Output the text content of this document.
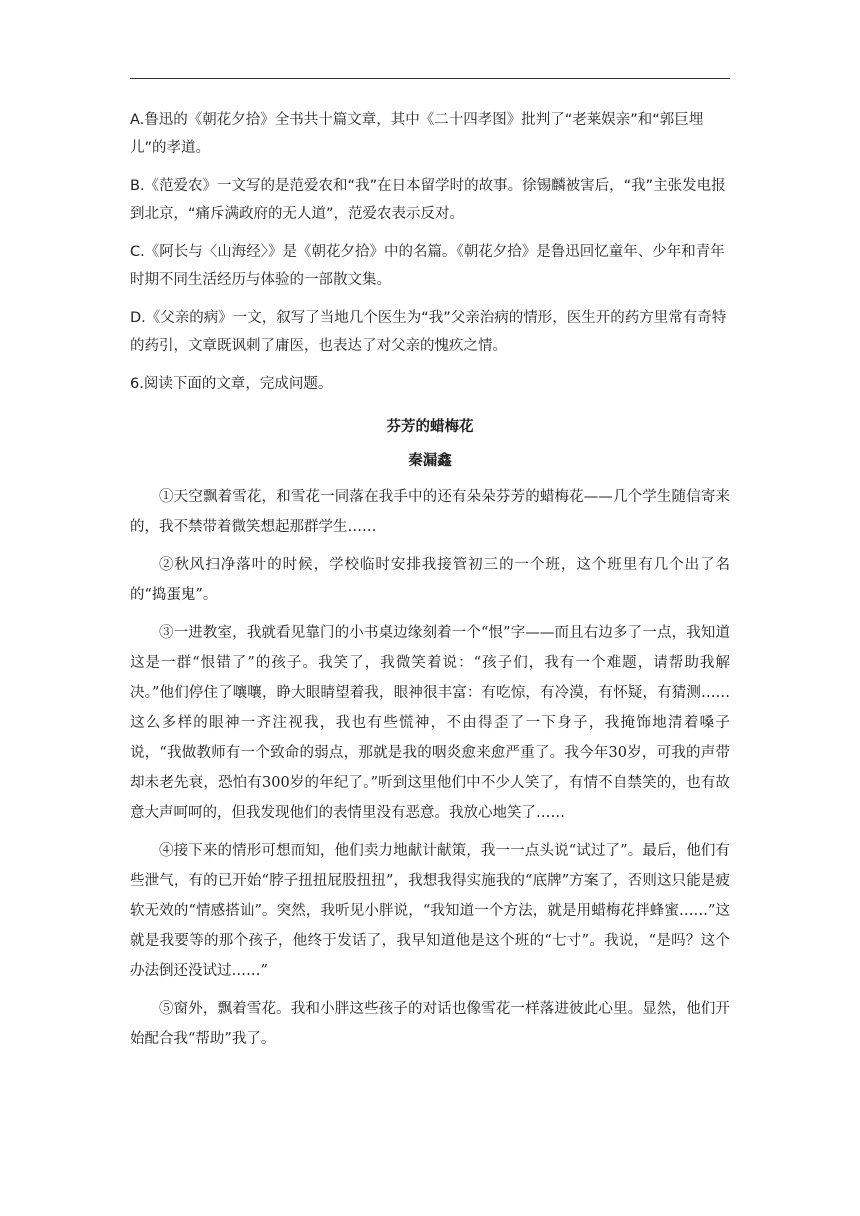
A.鲁迅的《朝花夕拾》全书共十篇文章，其中《二十四孝图》批判了“老莱娱亲”和“郭巨埋儿”的孝道。

B.《范爱农》一文写的是范爱农和“我”在日本留学时的故事。徐锡麟被害后，“我”主张发电报到北京，“痛斥满政府的无人道”，范爱农表示反对。

C.《阿长与〈山海经〉》是《朝花夕拾》中的名篇。《朝花夕拾》是鲁迅回忆童年、少年和青年时期不同生活经历与体验的一部散文集。

D.《父亲的病》一文，叙写了当地几个医生为“我”父亲治病的情形，医生开的药方里常有奇特的药引，文章既讽刺了庸医，也表达了对父亲的愧疚之情。

6.阅读下面的文章，完成问题。

芬芳的蜡梅花
秦漏鑫

①天空飘着雪花，和雪花一同落在我手中的还有朵朵芬芳的蜡梅花——几个学生随信寄来的，我不禁带着微笑想起那群学生……

②秋风扫净落叶的时候，学校临时安排我接管初三的一个班，这个班里有几个出了名的“捣蛋鬼”。

③一进教室，我就看见靠门的小书桌边缘刻着一个“恨”字——而且右边多了一点，我知道这是一群“恨错了”的孩子。我笑了，我微笑着说：“孩子们，我有一个难题，请帮助我解决。”他们停住了嚷嚷，睁大眼睛望着我，眼神很丰富：有吃惊，有冷漠，有怀疑，有猜测……这么多样的眼神一齐注视我，我也有些慌神，不由得歪了一下身子，我掩饰地清着嗓子说，“我做教师有一个致命的弱点，那就是我的咽炎愈来愈严重了。我今年30岁，可我的声带却未老先衰，恐怕有300岁的年纪了。”听到这里他们中不少人笑了，有情不自禁笑的，也有故意大声呵呵的，但我发现他们的表情里没有恶意。我放心地笑了……

④接下来的情形可想而知，他们卖力地献计献策，我一一点头说“试过了”。最后，他们有些泄气，有的已开始“脖子扭扭屁股扭扭”，我想我得实施我的“底牌”方案了，否则这只能是疲软无效的“情感搭讪”。突然，我听见小胖说，“我知道一个方法，就是用蜡梅花拌蜂蜜……”这就是我要等的那个孩子，他终于发话了，我早知道他是这个班的“七寸”。我说，“是吗？这个办法倒还没试过……”

⑤窗外，飘着雪花。我和小胖这些孩子的对话也像雪花一样落进彼此心里。显然，他们开始配合我“帮助”我了。
